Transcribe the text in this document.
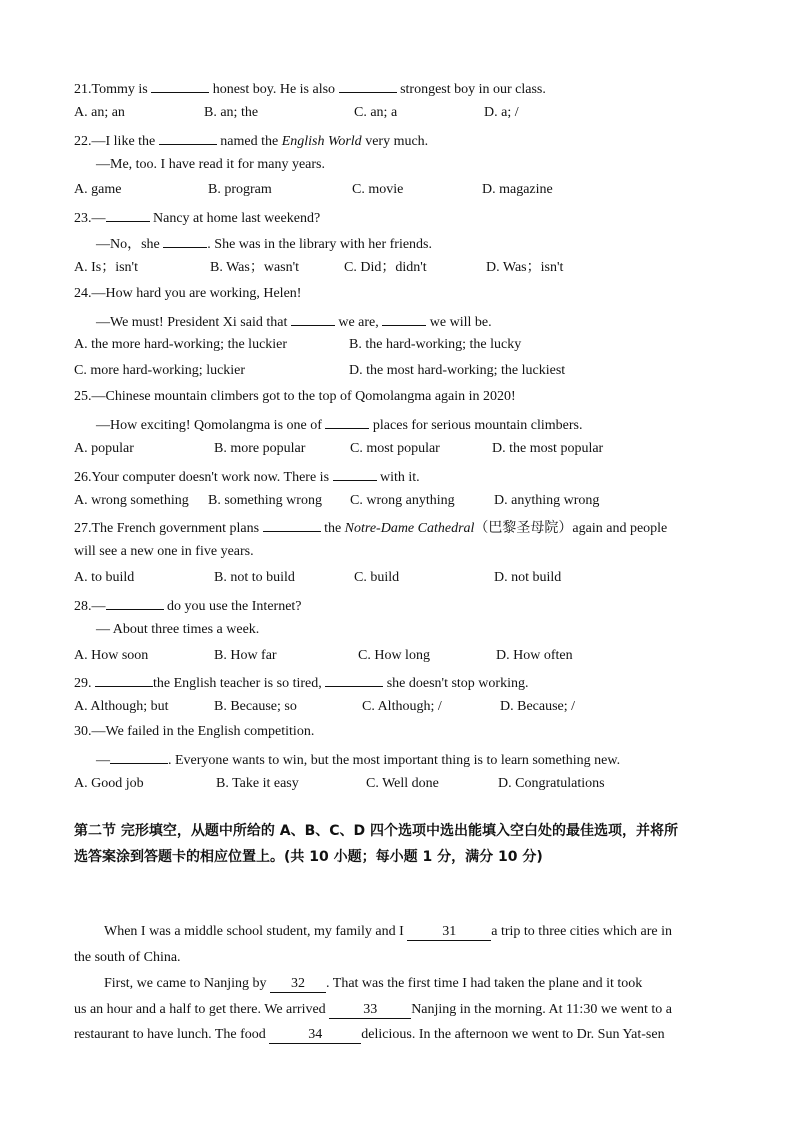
21.Tommy is	honest boy. He is also	strongest boy in our class.
A. an; an	B. an; the	C. an; a	D. a; /
22.—I like the	named the English World very much.
—Me, too. I have read it for many years.
A. game	B. program	C. movie	D. magazine
23.—	Nancy at home last weekend?
—No，she	. She was in the library with her friends.
A. Is；isn't	B. Was；wasn't	C. Did；didn't	D. Was；isn't
24.—How hard you are working, Helen!
—We must! President Xi said that	we are,	we will be.
A. the more hard-working; the luckier	B. the hard-working; the lucky
C. more hard-working; luckier	D. the most hard-working; the luckiest
25.—Chinese mountain climbers got to the top of Qomolangma again in 2020!
—How exciting! Qomolangma is one of	places for serious mountain climbers.
A. popular	B. more popular	C. most popular	D. the most popular
26.Your computer doesn't work now. There is	with it.
A. wrong something B. something wrong C. wrong anything	D. anything wrong
27.The French government plans	the Notre-Dame Cathedral（巴黎圣母院）again and people
will see a new one in five years.
A. to build	B. not to build	C. build	D. not build
28.—	do you use the Internet?
— About three times a week.
A. How soon	B. How far	C. How long	D. How often
29.	the English teacher is so tired,	she doesn't stop working.
A. Although; but	B. Because; so	C. Although; /	D. Because; /
30.—We failed in the English competition.
—	. Everyone wants to win, but the most important thing is to learn something new.
A. Good job	B. Take it easy	C. Well done	D. Congratulations
第二节 完形填空，从题中所给的 A、B、C、D 四个选项中选出能填入空白处的最佳选项，并将所
选答案涂到答题卡的相应位置上。(共 10 小题；每小题 1 分，满分 10 分)
When I was a middle school student, my family and I	31	a trip to three cities which are in
the south of China.
First, we came to Nanjing by 32 . That was the first time I had taken the plane and it took
us an hour and a half to get there. We arrived 33 Nanjing in the morning. At 11:30 we went to a
restaurant to have lunch. The food	34	delicious. In the afternoon we went to Dr. Sun Yat-sen
